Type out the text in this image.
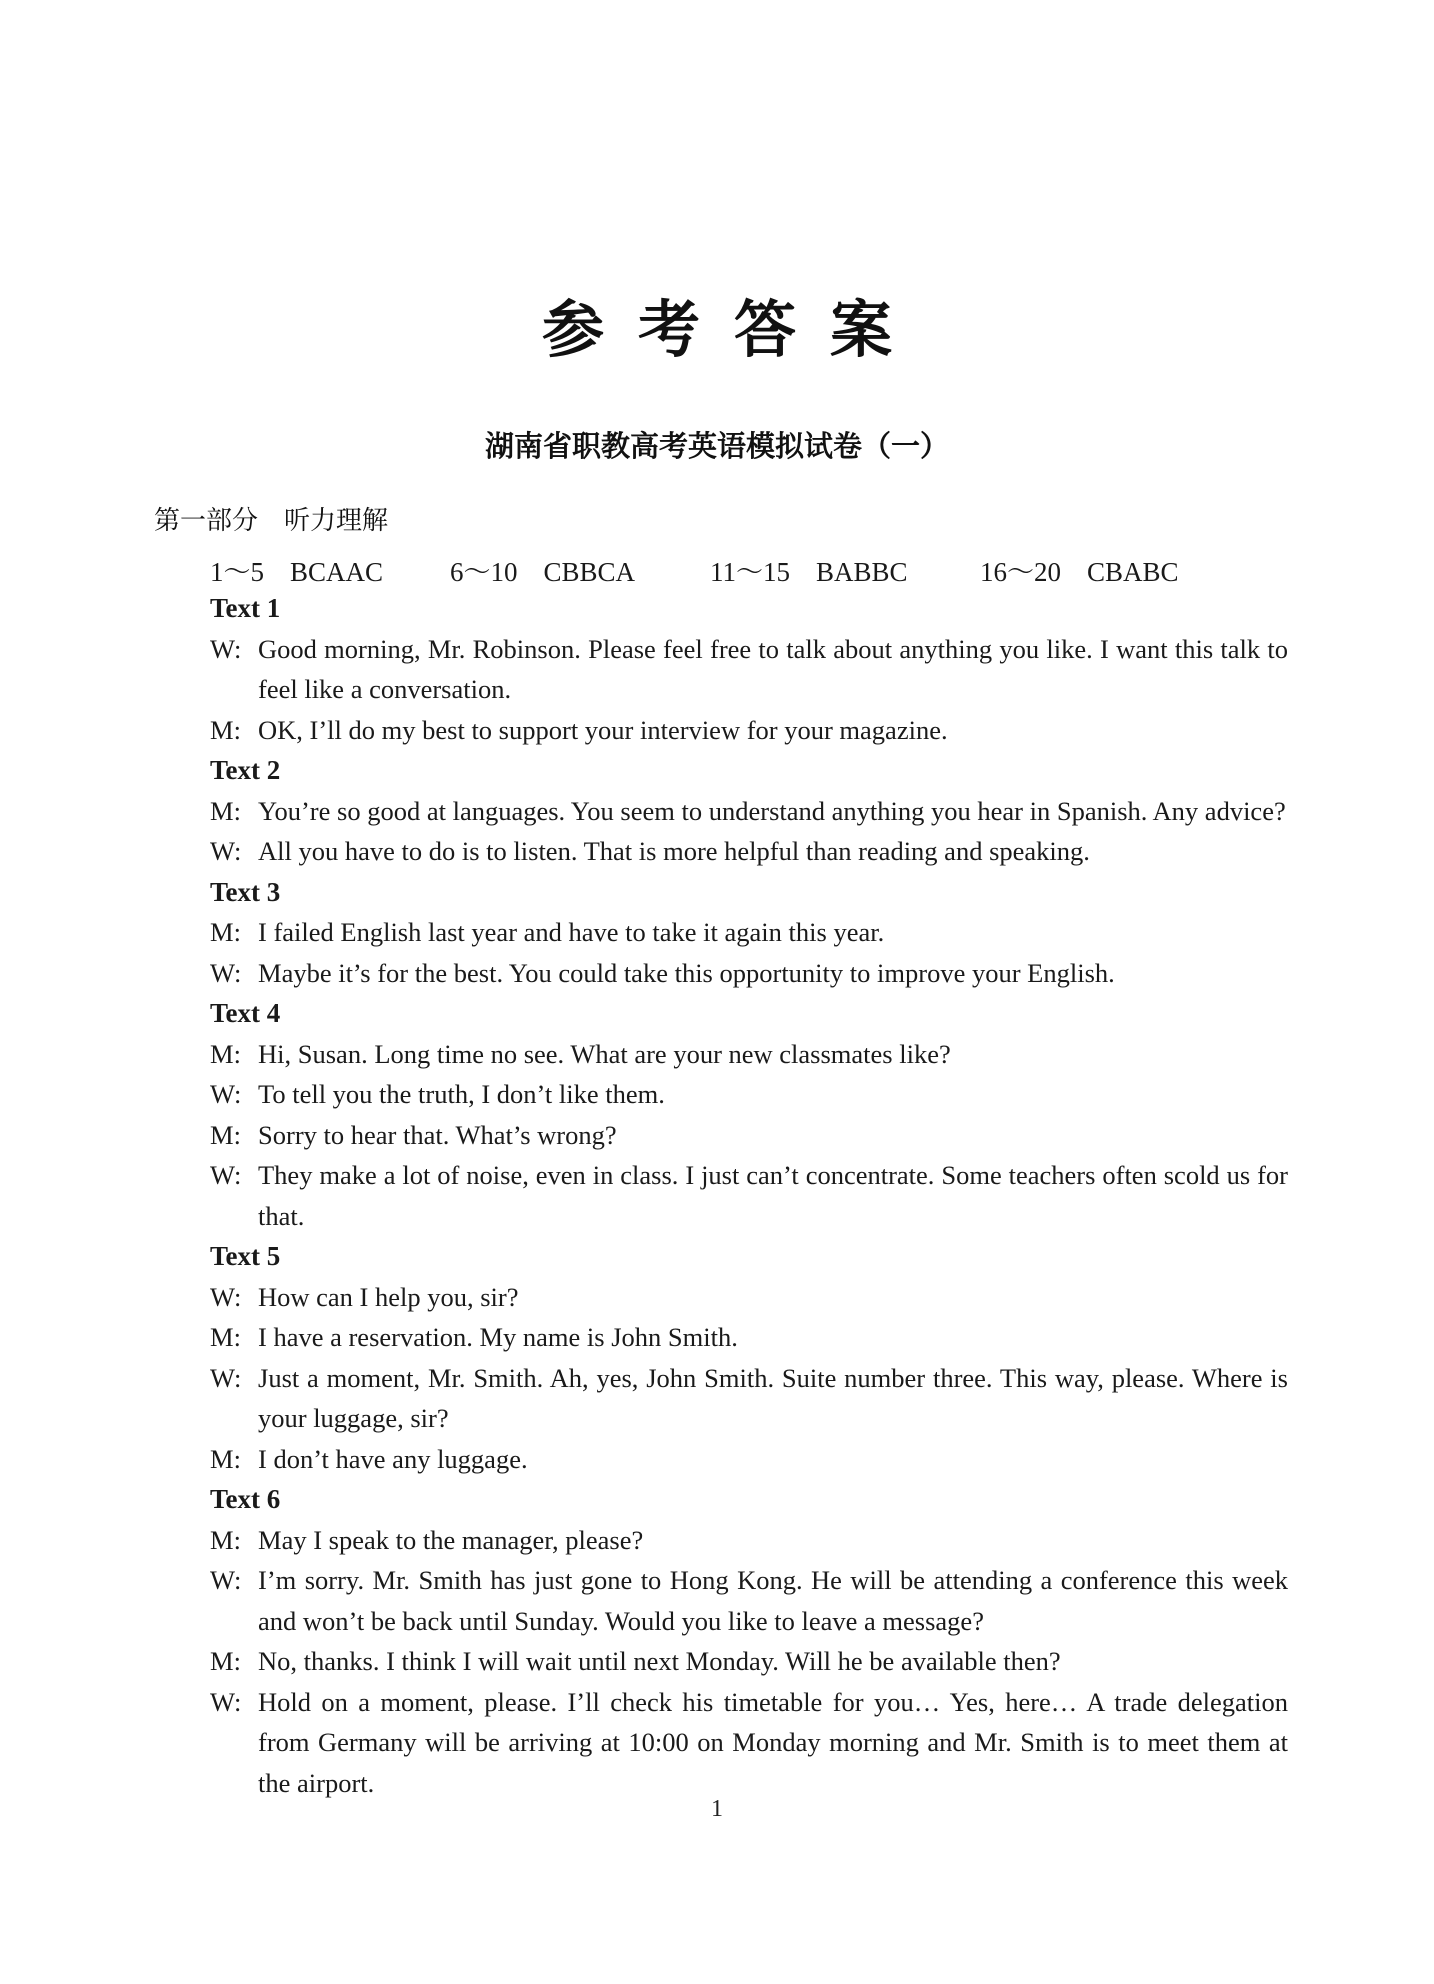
参考答案
湖南省职教高考英语模拟试卷（一）
第一部分　听力理解
1～5 BCAAC 6～10 CBBCA	11～15 BABBC	16～20 CBABC
Text 1
W: Good morning, Mr. Robinson. Please feel free to talk about anything you like. I want this talk to feel like a conversation.
M: OK, I’ll do my best to support your interview for your magazine.
Text 2
M: You’re so good at languages. You seem to understand anything you hear in Spanish. Any advice?
W: All you have to do is to listen. That is more helpful than reading and speaking.
Text 3
M: I failed English last year and have to take it again this year.
W: Maybe it’s for the best. You could take this opportunity to improve your English.
Text 4
M: Hi, Susan. Long time no see. What are your new classmates like?
W: To tell you the truth, I don’t like them.
M: Sorry to hear that. What’s wrong?
W: They make a lot of noise, even in class. I just can’t concentrate. Some teachers often scold us for that.
Text 5
W: How can I help you, sir?
M: I have a reservation. My name is John Smith.
W: Just a moment, Mr. Smith. Ah, yes, John Smith. Suite number three. This way, please. Where is your luggage, sir?
M: I don’t have any luggage.
Text 6
M: May I speak to the manager, please?
W: I’m sorry. Mr. Smith has just gone to Hong Kong. He will be attending a conference this week and won’t be back until Sunday. Would you like to leave a message?
M: No, thanks. I think I will wait until next Monday. Will he be available then?
W: Hold on a moment, please. I’ll check his timetable for you… Yes, here… A trade delegation from Germany will be arriving at 10:00 on Monday morning and Mr. Smith is to meet them at the airport.
1
